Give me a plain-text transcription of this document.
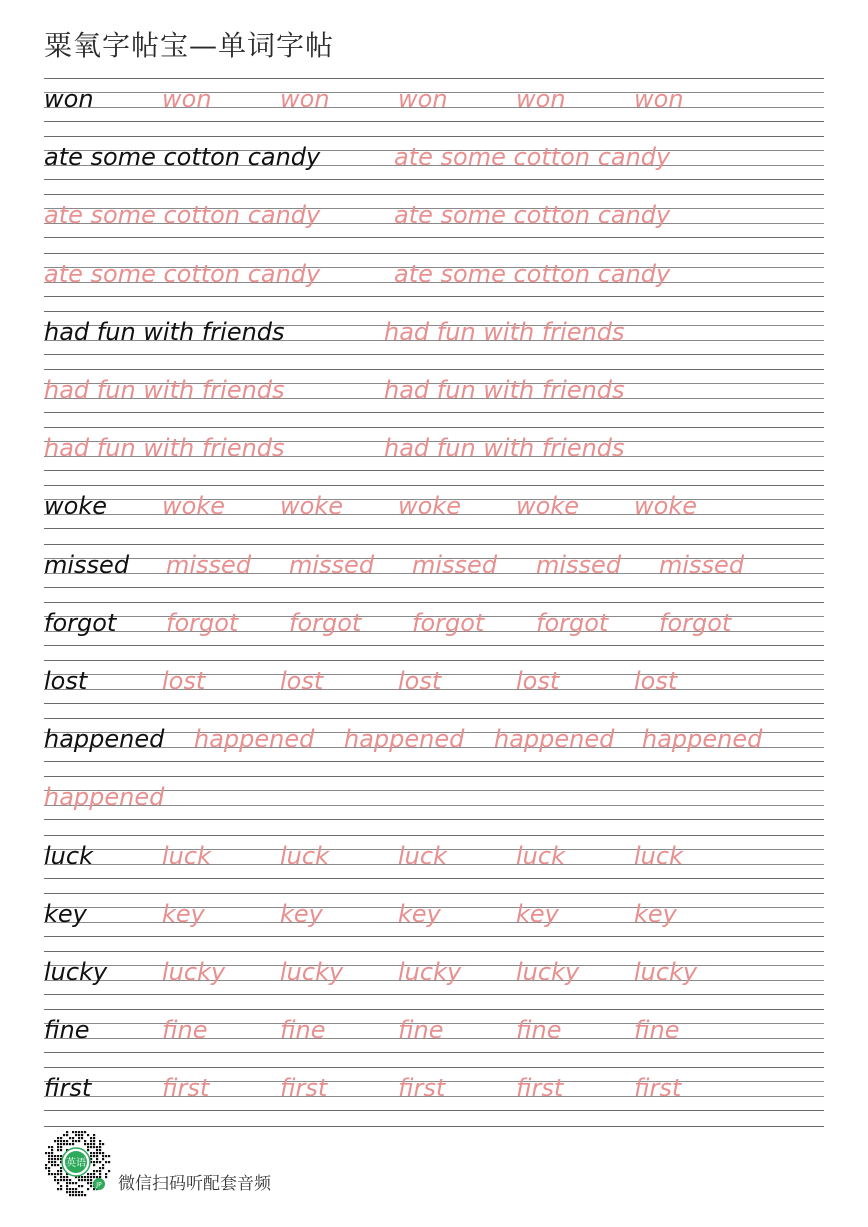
粟氧字帖宝—单词字帖
won	won	won	won	won	won
ate some cotton candy	ate some cotton candy
ate some cotton candy	ate some cotton candy
ate some cotton candy	ate some cotton candy
had fun with friends	had fun with friends
had fun with friends	had fun with friends
had fun with friends	had fun with friends
woke woke woke woke woke woke
missed missed missed missed missed missed
forgot forgot forgot forgot forgot forgot
lost	lost	lost	lost	lost	lost
happened happened happened happened happened
happened
luck	luck	luck	luck	luck	luck
key	key	key	key	key	key
lucky lucky lucky lucky lucky lucky
fine	fine	fine	fine	fine	fine
first	first	first	first	first	first
英语
JP 微信扫码听配套音频
